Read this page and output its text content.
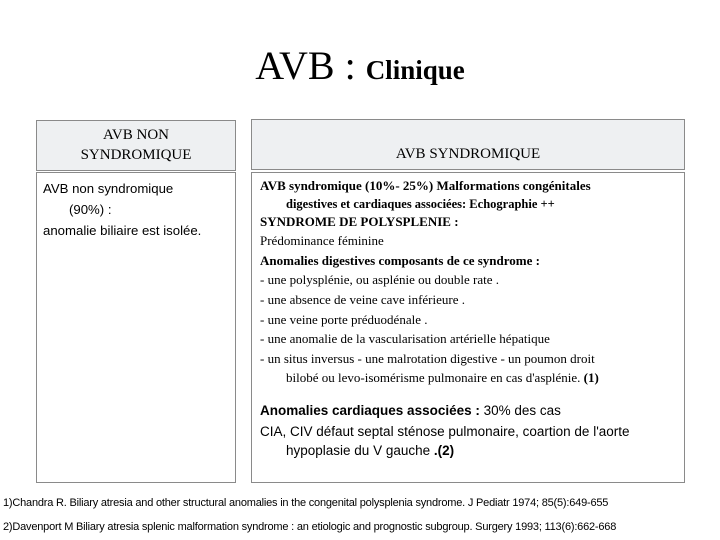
AVB : Clinique
AVB NON
SYNDROMIQUE	AVB SYNDROMIQUE
AVB non syndromique
(90%) :
anomalie biliaire est isolée.
AVB syndromique (10%- 25%) Malformations congénitales
digestives et cardiaques associées: Echographie ++
SYNDROME DE POLYSPLENIE :
Prédominance féminine
Anomalies digestives composants de ce syndrome :
- une polysplénie, ou asplénie ou double rate .
- une absence de veine cave inférieure .
- une veine porte préduodénale .
- une anomalie de la vascularisation artérielle hépatique
- un situs inversus - une malrotation digestive - un poumon droit
bilobé ou levo-isomérisme pulmonaire en cas d'asplénie. (1)
Anomalies cardiaques associées : 30% des cas
CIA, CIV défaut septal sténose pulmonaire, coartion de l'aorte
hypoplasie du V gauche .(2)
1)Chandra R. Biliary atresia and other structural anomalies in the congenital polysplenia syndrome. J Pediatr 1974; 85(5):649-655
2)Davenport M Biliary atresia splenic malformation syndrome : an etiologic and prognostic subgroup. Surgery 1993; 113(6):662-668
